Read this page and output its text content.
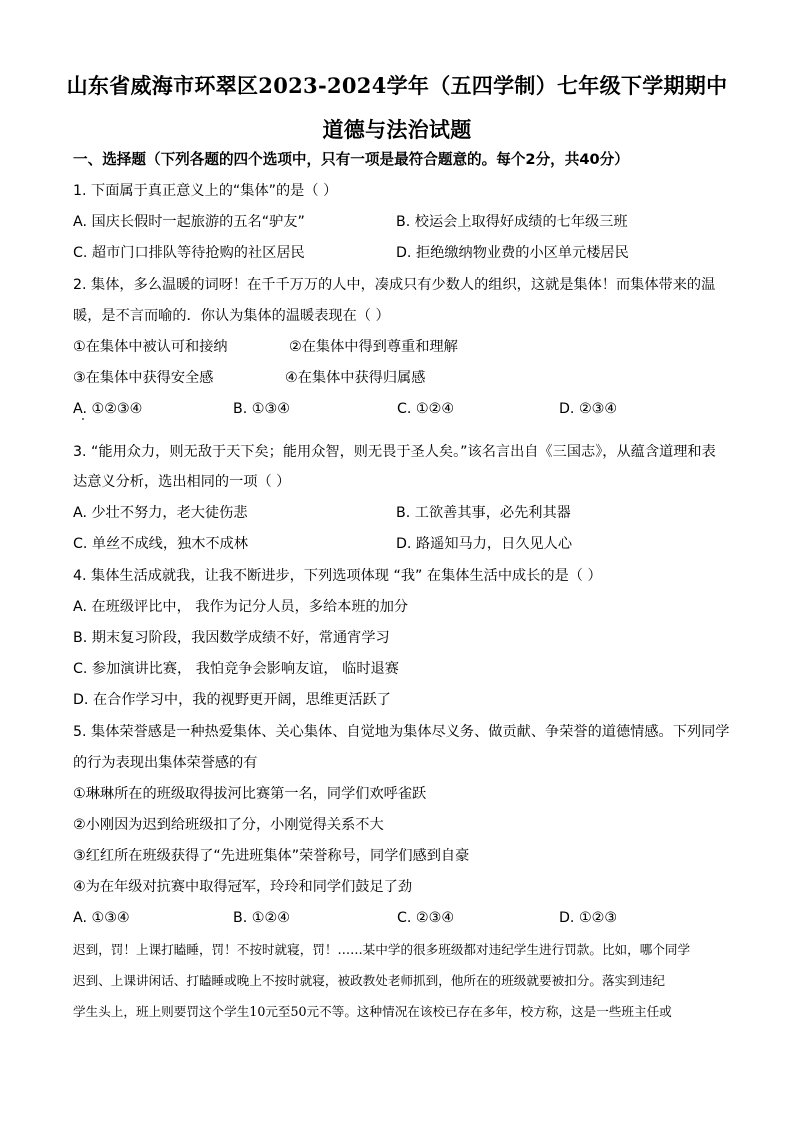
山东省威海市环翠区2023-2024学年（五四学制）七年级下学期期中
道德与法治试题
一、选择题（下列各题的四个选项中，只有一项是最符合题意的。每个2分，共40分）
1. 下面属于真正意义上的“集体”的是（ ）
A. 国庆长假时一起旅游的五名“驴友”	B. 校运会上取得好成绩的七年级三班
C. 超市门口排队等待抢购的社区居民	D. 拒绝缴纳物业费的小区单元楼居民
2. 集体，多么温暖的词呀！在千千万万的人中，凑成只有少数人的组织，这就是集体！而集体带来的温
暖，是不言而喻的．你认为集体的温暖表现在（ ）
①在集体中被认可和接纳	②在集体中得到尊重和理解
③在集体中获得安全感	④在集体中获得归属感
A. ①②③④	B. ①③④	C. ①②④	D. ②③④
3. “能用众力，则无敌于天下矣；能用众智，则无畏于圣人矣。”该名言出自《三国志》，从蕴含道理和表
达意义分析，选出相同的一项（ ）
A. 少壮不努力，老大徒伤悲	B. 工欲善其事，必先利其器
C. 单丝不成线，独木不成林	D. 路遥知马力，日久见人心
4. 集体生活成就我，让我不断进步，下列选项体现 “我” 在集体生活中成长的是（ ）
A. 在班级评比中， 我作为记分人员，多给本班的加分
B. 期末复习阶段，我因数学成绩不好，常通宵学习
C. 参加演讲比赛， 我怕竞争会影响友谊， 临时退赛
D. 在合作学习中，我的视野更开阔，思维更活跃了
5. 集体荣誉感是一种热爱集体、关心集体、自觉地为集体尽义务、做贡献、争荣誉的道德情感。下列同学
的行为表现出集体荣誉感的有
①琳琳所在的班级取得拔河比赛第一名，同学们欢呼雀跃
②小刚因为迟到给班级扣了分，小刚觉得关系不大
③红红所在班级获得了“先进班集体”荣誉称号，同学们感到自豪
④为在年级对抗赛中取得冠军，玲玲和同学们鼓足了劲
A. ①③④	B. ①②④	C. ②③④	D. ①②③
迟到，罚！上课打瞌睡，罚！不按时就寝，罚！……某中学的很多班级都对违纪学生进行罚款。比如，哪个同学
迟到、上课讲闲话、打瞌睡或晚上不按时就寝，被政教处老师抓到，他所在的班级就要被扣分。落实到违纪
学生头上，班上则要罚这个学生10元至50元不等。这种情况在该校已存在多年，校方称，这是一些班主任或
